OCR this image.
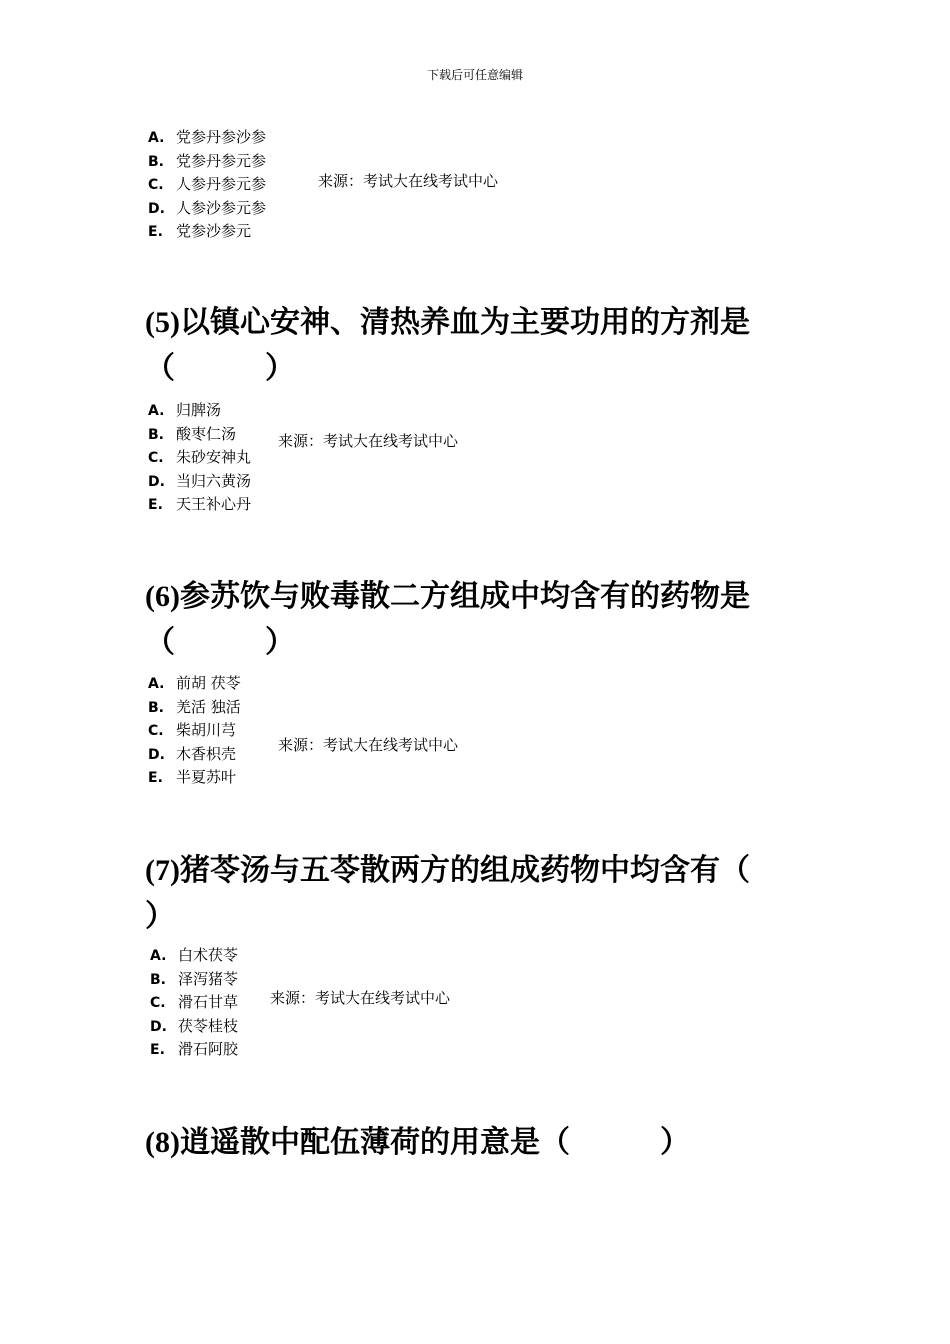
下载后可任意编辑
A. 党参丹参沙参
B. 党参丹参元参
C. 人参丹参元参
D. 人参沙参元参
E. 党参沙参元
来源：考试大在线考试中心
(5)以镇心安神、清热养血为主要功用的方剂是
（　　　）
A. 归脾汤
B. 酸枣仁汤
C. 朱砂安神丸
D. 当归六黄汤
E. 天王补心丹
来源：考试大在线考试中心
(6)参苏饮与败毒散二方组成中均含有的药物是
（　　　）
A. 前胡 茯苓
B. 羌活 独活
C. 柴胡川芎
D. 木香枳壳
E. 半夏苏叶
来源：考试大在线考试中心
(7)猪苓汤与五苓散两方的组成药物中均含有（
）
A. 白术茯苓
B. 泽泻猪苓
C. 滑石甘草
D. 茯苓桂枝
E. 滑石阿胶
来源：考试大在线考试中心
(8)逍遥散中配伍薄荷的用意是（　　　）
